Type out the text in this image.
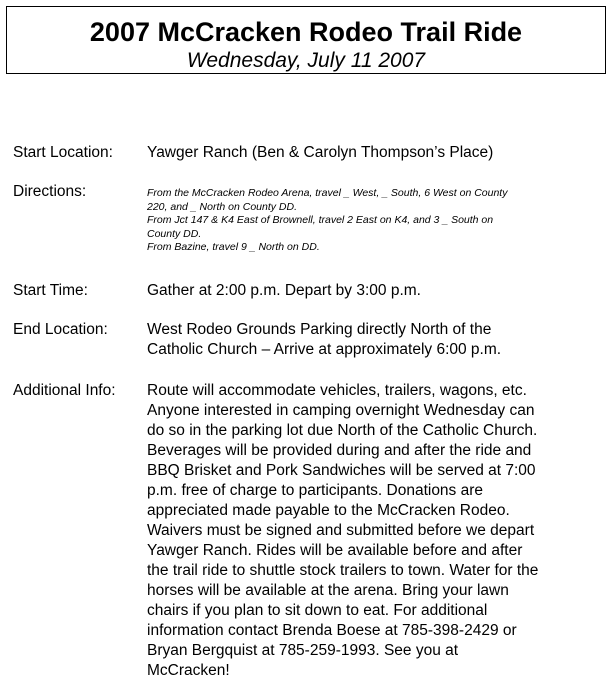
2007 McCracken Rodeo Trail Ride
Wednesday, July 11 2007
Start Location: Yawger Ranch (Ben & Carolyn Thompson’s Place)
Directions:	From the McCracken Rodeo Arena, travel _ West, _ South, 6 West on County
220, and _ North on County DD.
From Jct 147 & K4 East of Brownell, travel 2 East on K4, and 3 _ South on
County DD.
From Bazine, travel 9 _ North on DD.
Start Time:	Gather at 2:00 p.m. Depart by 3:00 p.m.
End Location:	West Rodeo Grounds Parking directly North of the
Catholic Church – Arrive at approximately 6:00 p.m.
Additional Info: Route will accommodate vehicles, trailers, wagons, etc.
Anyone interested in camping overnight Wednesday can
do so in the parking lot due North of the Catholic Church.
Beverages will be provided during and after the ride and
BBQ Brisket and Pork Sandwiches will be served at 7:00
p.m. free of charge to participants. Donations are
appreciated made payable to the McCracken Rodeo.
Waivers must be signed and submitted before we depart
Yawger Ranch. Rides will be available before and after
the trail ride to shuttle stock trailers to town. Water for the
horses will be available at the arena. Bring your lawn
chairs if you plan to sit down to eat. For additional
information contact Brenda Boese at 785-398-2429 or
Bryan Bergquist at 785-259-1993. See you at
McCracken!
